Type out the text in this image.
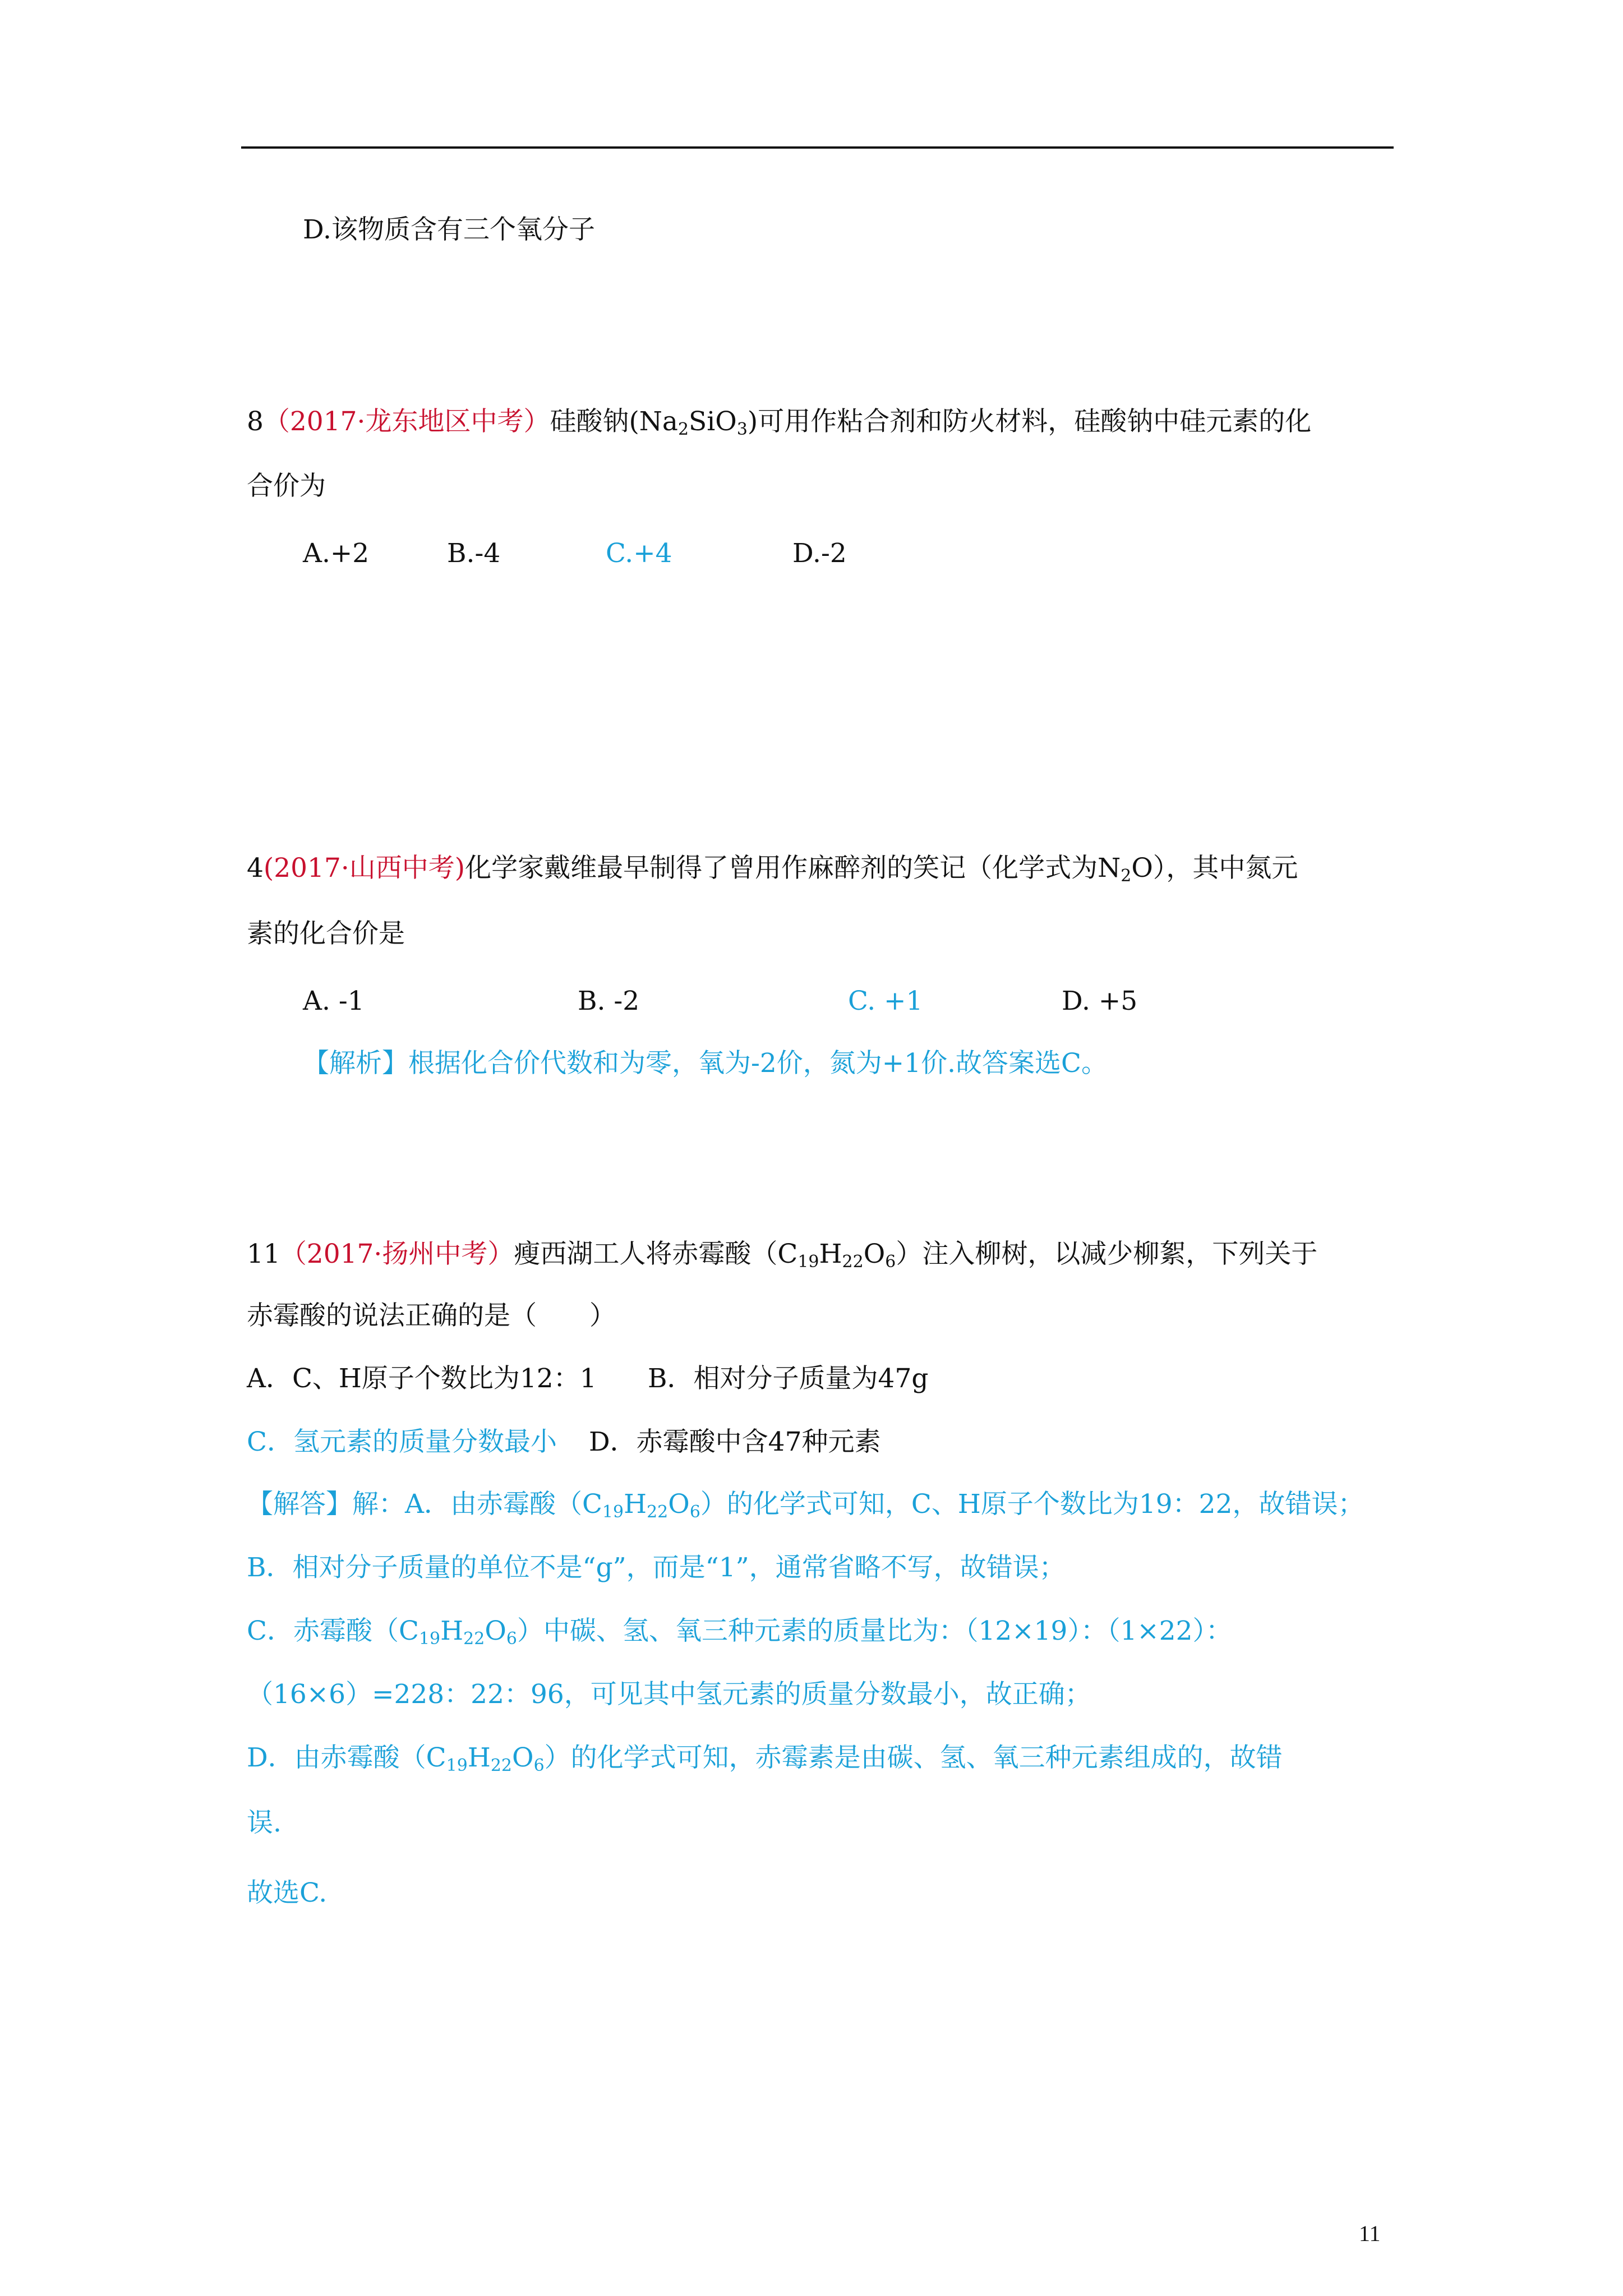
D.该物质含有三个氧分子
8（2017·龙东地区中考）硅酸钠$(Na_2SiO_3)$可用作粘合剂和防火材料，硅酸钠中硅元素的化
合价为
A.+2	B.-4	C.+4	D.-2
4(2017·山西中考)化学家戴维最早制得了曾用作麻醉剂的笑记（化学式为$N_2O$），其中氮元
素的化合价是
A. -1	B. -2	C. +1	D. +5
【解析】根据化合价代数和为零，氧为-2价，氮为+1价.故答案选C。
11（2017·扬州中考）瘦西湖工人将赤霉酸$(C_{19}H_{22}O_6)$注入柳树，以减少柳絮，下列关于
赤霉酸的说法正确的是（　　）
A．C、H原子个数比为12：1 B．相对分子质量为47g
C．氢元素的质量分数最小 D．赤霉酸中含47种元素
【解答】解：A．由赤霉酸$(C_{19}H_{22}O_6)$的化学式可知，C、H原子个数比为19：22，故错误；
B．相对分子质量的单位不是“g”，而是“1”，通常省略不写，故错误；
C．赤霉酸$(C_{19}H_{22}O_6)$中碳、氢、氧三种元素的质量比为：（12×19）：（1×22）：
（16×6）=228：22：96，可见其中氢元素的质量分数最小，故正确；
D．由赤霉酸$(C_{19}H_{22}O_6)$的化学式可知，赤霉素是由碳、氢、氧三种元素组成的，故错
误.
故选C.
11
